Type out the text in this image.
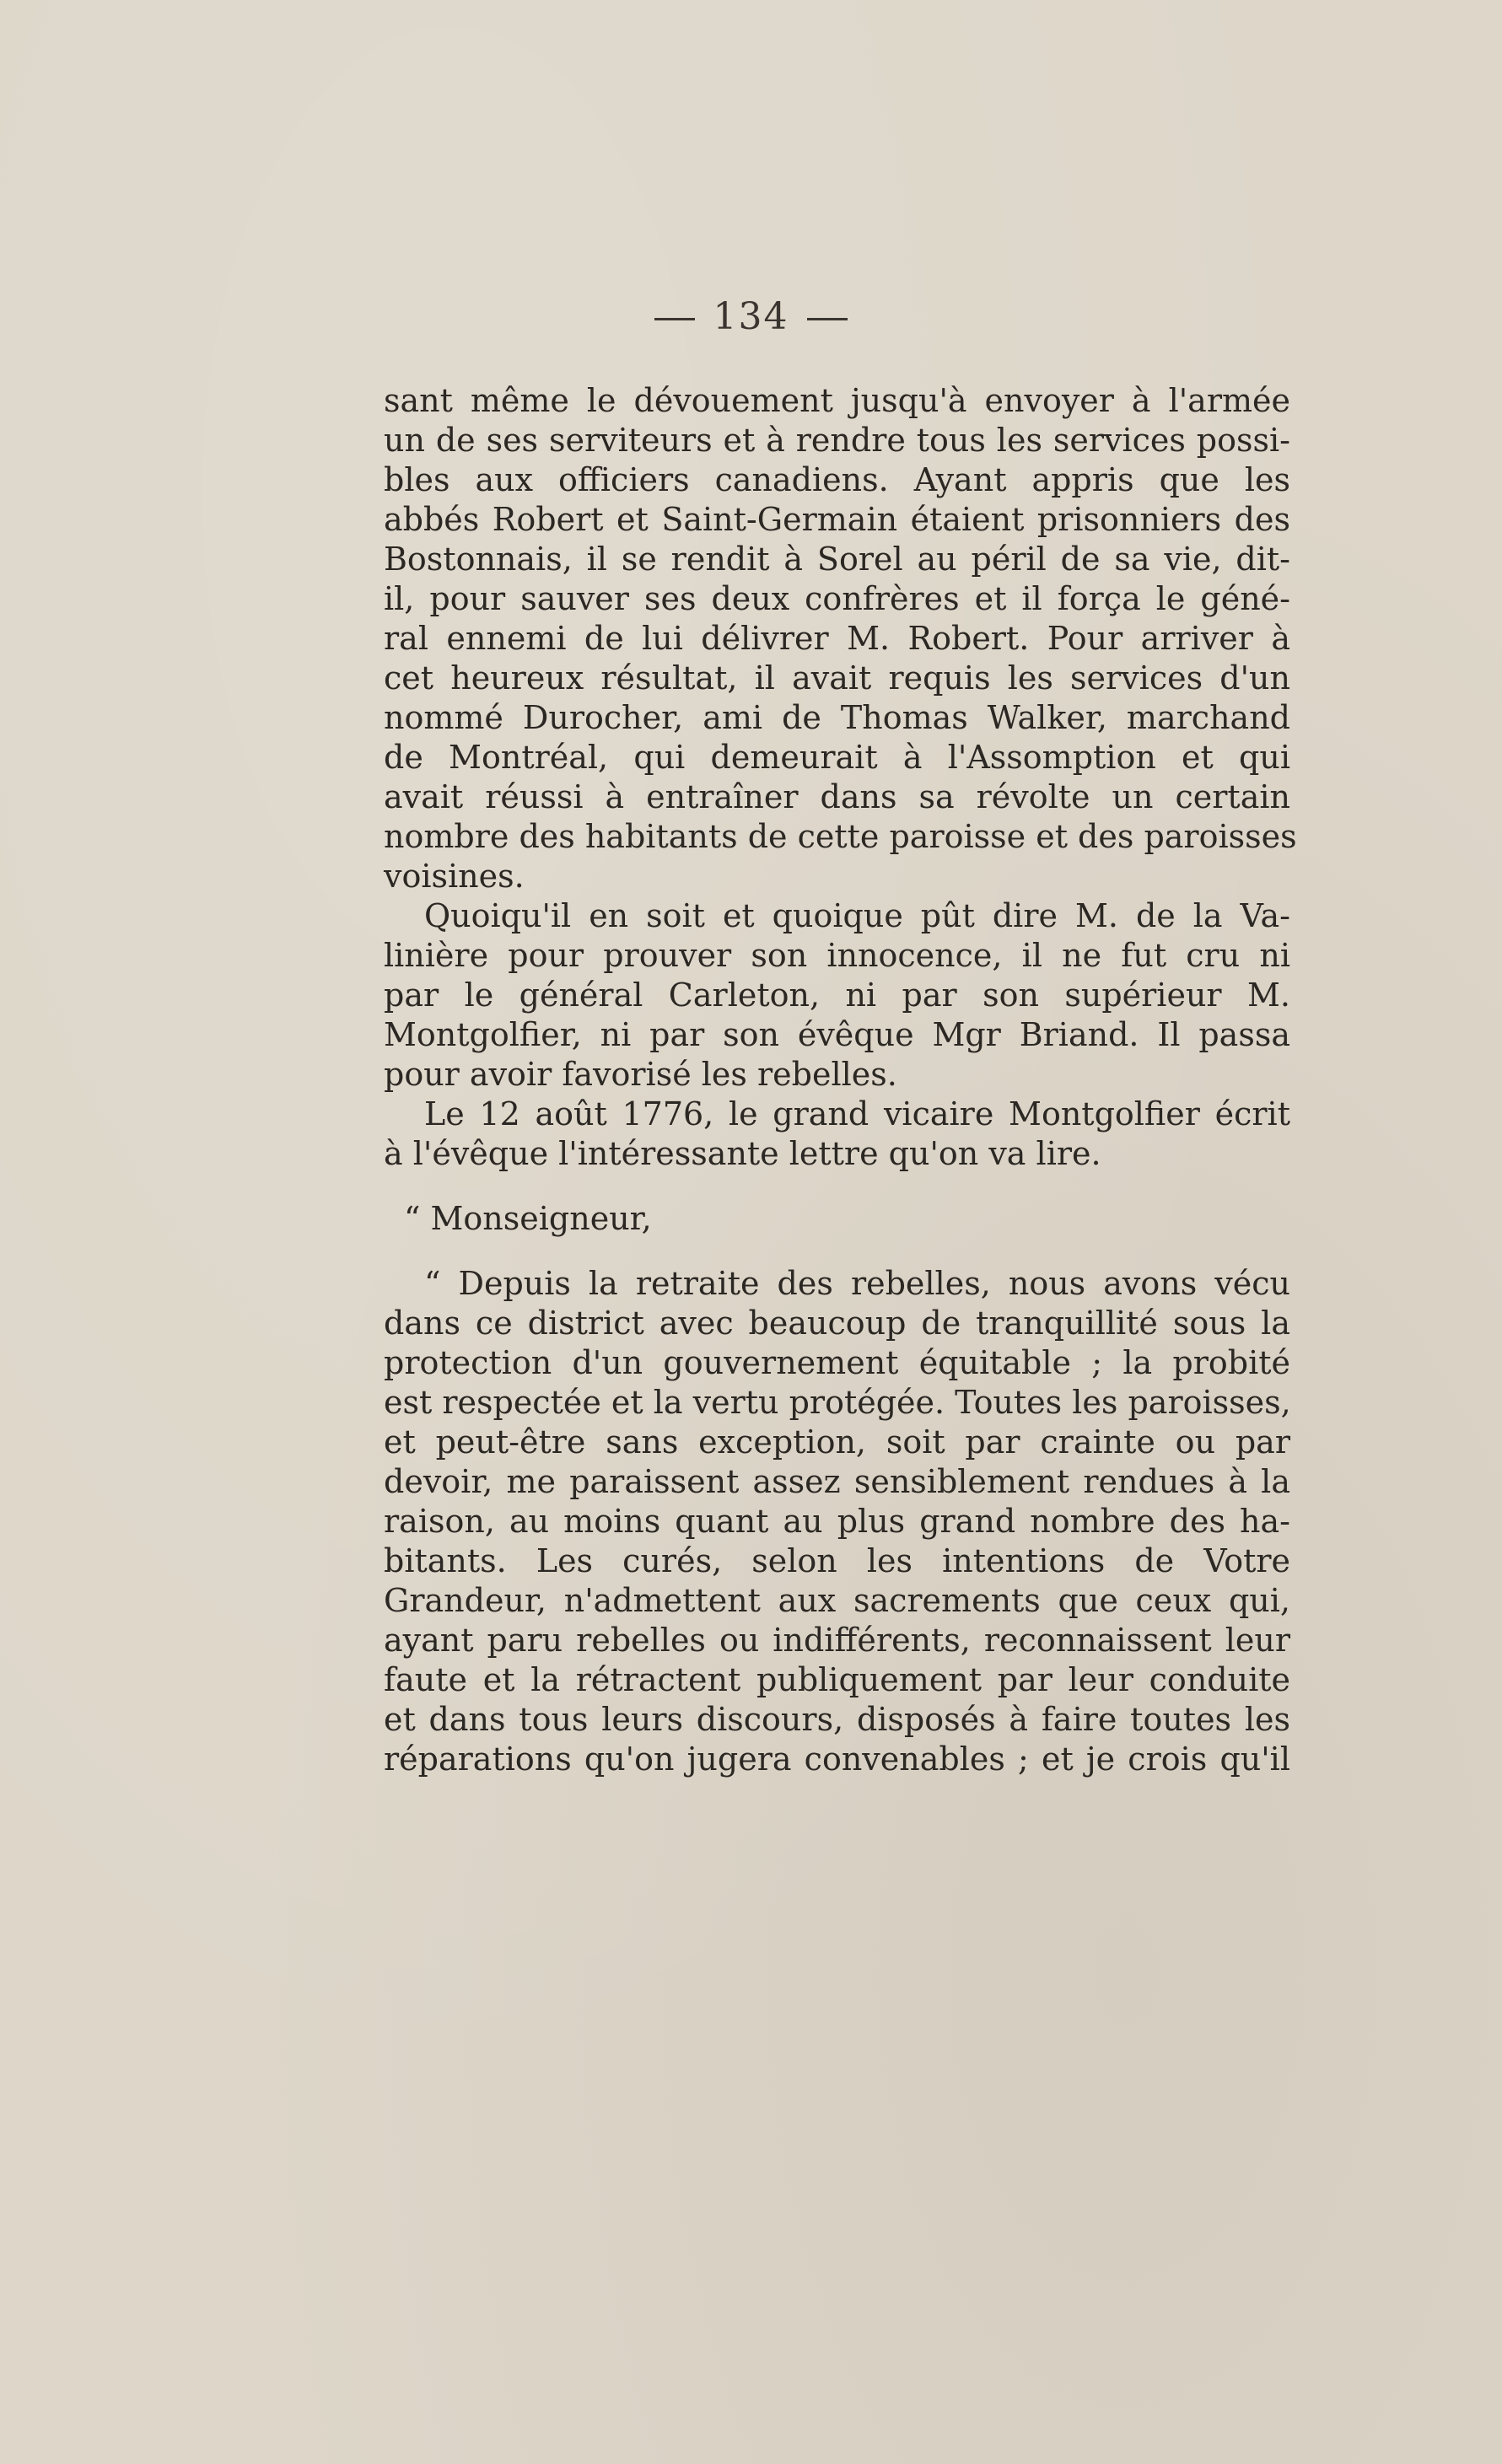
134
sant même le dévouement jusqu'à envoyer à l'armée
un de ses serviteurs et à rendre tous les services possi-
bles aux officiers canadiens. Ayant appris que les
abbés Robert et Saint-Germain étaient prisonniers des
Bostonnais, il se rendit à Sorel au péril de sa vie, dit-
il, pour sauver ses deux confrères et il força le géné-
ral ennemi de lui délivrer M. Robert. Pour arriver à
cet heureux résultat, il avait requis les services d'un
nommé Durocher, ami de Thomas Walker, marchand
de Montréal, qui demeurait à l'Assomption et qui
avait réussi à entraîner dans sa révolte un certain
nombre des habitants de cette paroisse et des paroisses
voisines.
Quoiqu'il en soit et quoique pût dire M. de la Va-
linière pour prouver son innocence, il ne fut cru ni
par le général Carleton, ni par son supérieur M.
Montgolfier, ni par son évêque Mgr Briand. Il passa
pour avoir favorisé les rebelles.
Le 12 août 1776, le grand vicaire Montgolfier écrit
à l'évêque l'intéressante lettre qu'on va lire.
“ Monseigneur,
“ Depuis la retraite des rebelles, nous avons vécu
dans ce district avec beaucoup de tranquillité sous la
protection d'un gouvernement équitable ; la probité
est respectée et la vertu protégée. Toutes les paroisses,
et peut-être sans exception, soit par crainte ou par
devoir, me paraissent assez sensiblement rendues à la
raison, au moins quant au plus grand nombre des ha-
bitants. Les curés, selon les intentions de Votre
Grandeur, n'admettent aux sacrements que ceux qui,
ayant paru rebelles ou indifférents, reconnaissent leur
faute et la rétractent publiquement par leur conduite
et dans tous leurs discours, disposés à faire toutes les
réparations qu'on jugera convenables ; et je crois qu'il
